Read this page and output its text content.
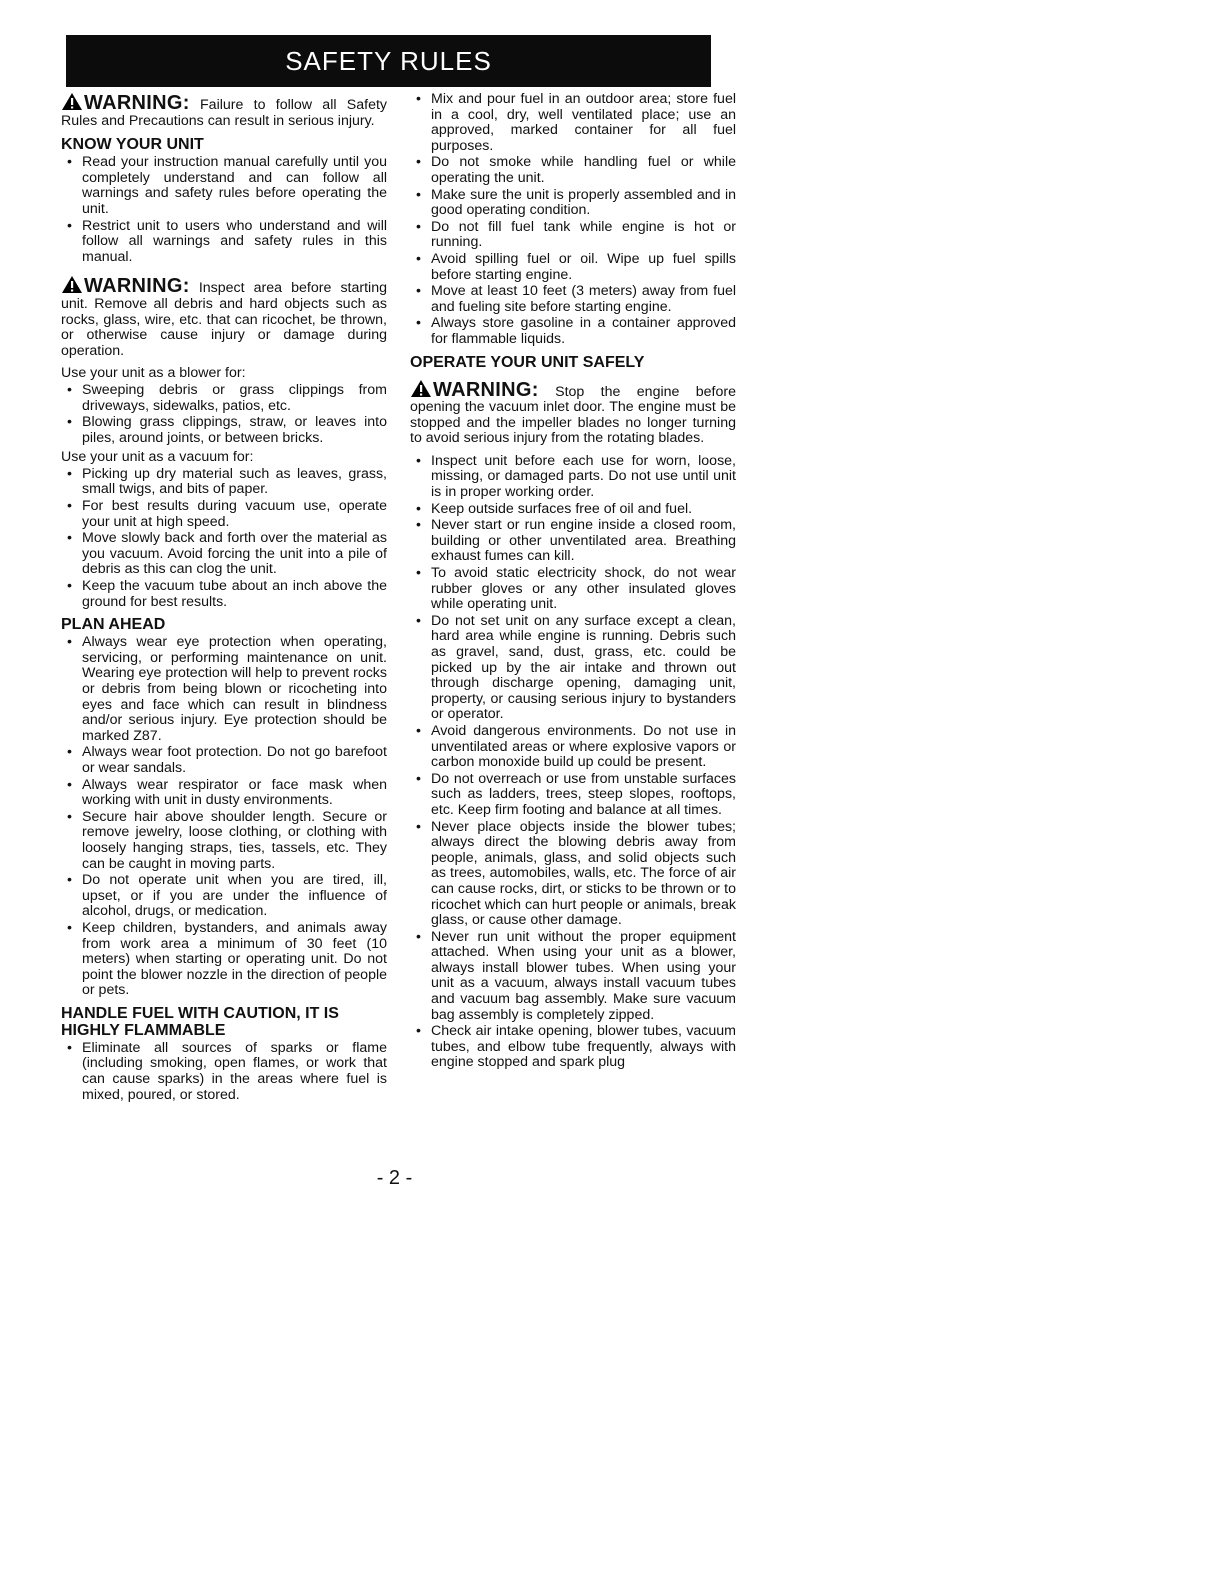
SAFETY RULES

WARNING: Failure to follow all Safety Rules and Precautions can result in serious injury.

KNOW YOUR UNIT
• Read your instruction manual carefully until you completely understand and can follow all warnings and safety rules before operating the unit.
• Restrict unit to users who understand and will follow all warnings and safety rules in this manual.

WARNING: Inspect area before starting unit. Remove all debris and hard objects such as rocks, glass, wire, etc. that can ricochet, be thrown, or otherwise cause injury or damage during operation.

Use your unit as a blower for:
• Sweeping debris or grass clippings from driveways, sidewalks, patios, etc.
• Blowing grass clippings, straw, or leaves into piles, around joints, or between bricks.
Use your unit as a vacuum for:
• Picking up dry material such as leaves, grass, small twigs, and bits of paper.
• For best results during vacuum use, operate your unit at high speed.
• Move slowly back and forth over the material as you vacuum. Avoid forcing the unit into a pile of debris as this can clog the unit.
• Keep the vacuum tube about an inch above the ground for best results.
PLAN AHEAD
• Always wear eye protection when operating, servicing, or performing maintenance on unit. Wearing eye protection will help to prevent rocks or debris from being blown or ricocheting into eyes and face which can result in blindness and/or serious injury. Eye protection should be marked Z87.
• Always wear foot protection. Do not go barefoot or wear sandals.
• Always wear respirator or face mask when working with unit in dusty environments.
• Secure hair above shoulder length. Secure or remove jewelry, loose clothing, or clothing with loosely hanging straps, ties, tassels, etc. They can be caught in moving parts.
• Do not operate unit when you are tired, ill, upset, or if you are under the influence of alcohol, drugs, or medication.
• Keep children, bystanders, and animals away from work area a minimum of 30 feet (10 meters) when starting or operating unit. Do not point the blower nozzle in the direction of people or pets.
HANDLE FUEL WITH CAUTION, IT IS
HIGHLY FLAMMABLE
• Eliminate all sources of sparks or flame (including smoking, open flames, or work that can cause sparks) in the areas where fuel is mixed, poured, or stored.
• Mix and pour fuel in an outdoor area; store fuel in a cool, dry, well ventilated place; use an approved, marked container for all fuel purposes.
• Do not smoke while handling fuel or while operating the unit.
• Make sure the unit is properly assembled and in good operating condition.
• Do not fill fuel tank while engine is hot or running.
• Avoid spilling fuel or oil. Wipe up fuel spills before starting engine.
• Move at least 10 feet (3 meters) away from fuel and fueling site before starting engine.
• Always store gasoline in a container approved for flammable liquids.
OPERATE YOUR UNIT SAFELY

WARNING: Stop the engine before opening the vacuum inlet door. The engine must be stopped and the impeller blades no longer turning to avoid serious injury from the rotating blades.

• Inspect unit before each use for worn, loose, missing, or damaged parts. Do not use until unit is in proper working order.
• Keep outside surfaces free of oil and fuel.
• Never start or run engine inside a closed room, building or other unventilated area. Breathing exhaust fumes can kill.
• To avoid static electricity shock, do not wear rubber gloves or any other insulated gloves while operating unit.
• Do not set unit on any surface except a clean, hard area while engine is running. Debris such as gravel, sand, dust, grass, etc. could be picked up by the air intake and thrown out through discharge opening, damaging unit, property, or causing serious injury to bystanders or operator.
• Avoid dangerous environments. Do not use in unventilated areas or where explosive vapors or carbon monoxide build up could be present.
• Do not overreach or use from unstable surfaces such as ladders, trees, steep slopes, rooftops, etc. Keep firm footing and balance at all times.
• Never place objects inside the blower tubes; always direct the blowing debris away from people, animals, glass, and solid objects such as trees, automobiles, walls, etc. The force of air can cause rocks, dirt, or sticks to be thrown or to ricochet which can hurt people or animals, break glass, or cause other damage.
• Never run unit without the proper equipment attached. When using your unit as a blower, always install blower tubes. When using your unit as a vacuum, always install vacuum tubes and vacuum bag assembly. Make sure vacuum bag assembly is completely zipped.
• Check air intake opening, blower tubes, vacuum tubes, and elbow tube frequently, always with engine stopped and spark plug
- 2 -
